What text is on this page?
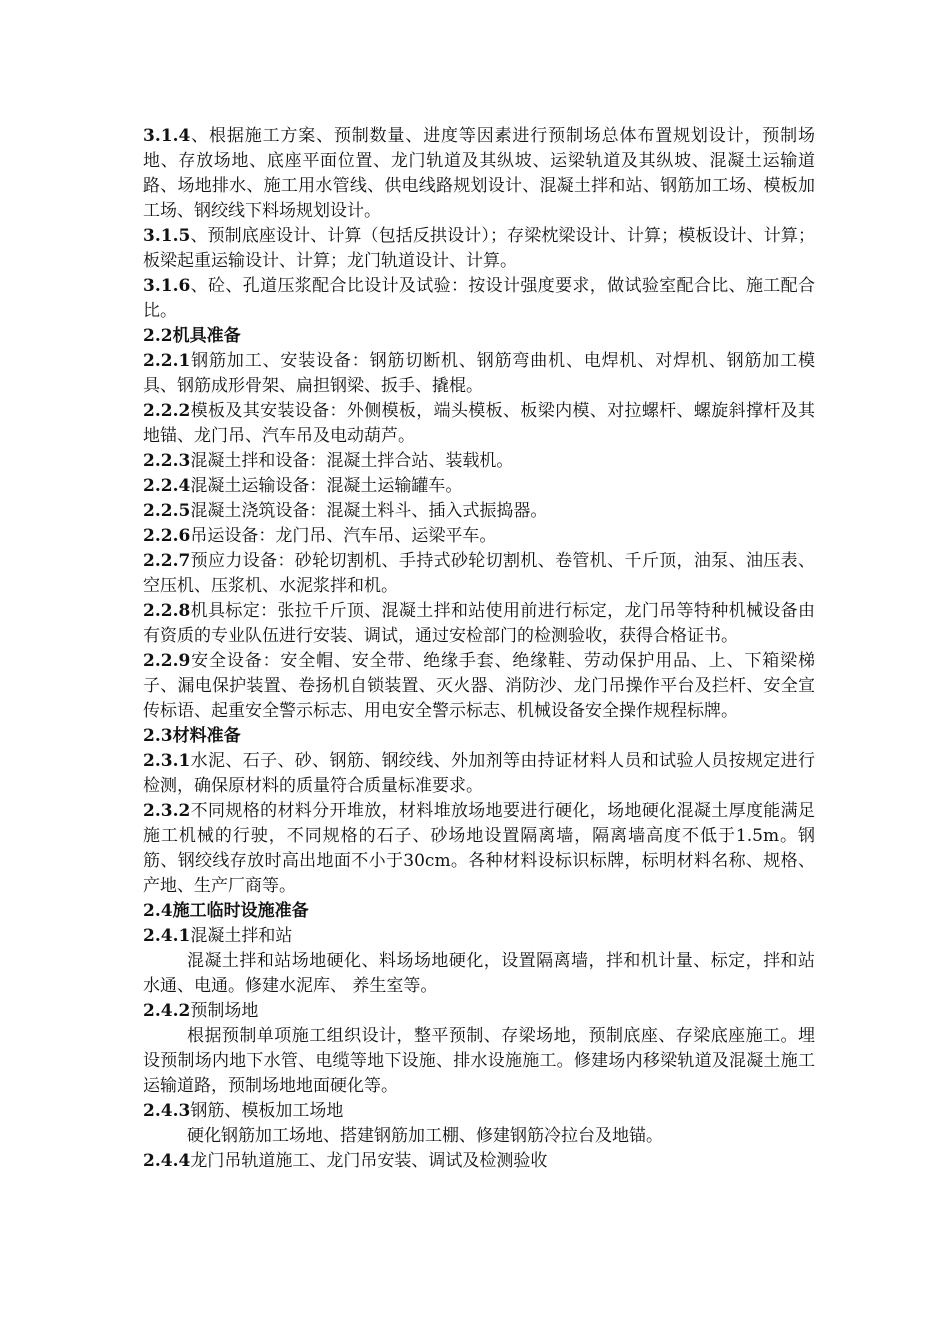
3.1.4、根据施工方案、预制数量、进度等因素进行预制场总体布置规划设计，预制场地、存放场地、底座平面位置、龙门轨道及其纵坡、运梁轨道及其纵坡、混凝土运输道路、场地排水、施工用水管线、供电线路规划设计、混凝土拌和站、钢筋加工场、模板加工场、钢绞线下料场规划设计。

3.1.5、预制底座设计、计算（包括反拱设计）；存梁枕梁设计、计算；模板设计、计算；板梁起重运输设计、计算；龙门轨道设计、计算。

3.1.6、砼、孔道压浆配合比设计及试验：按设计强度要求，做试验室配合比、施工配合比。

2.2机具准备

2.2.1钢筋加工、安装设备：钢筋切断机、钢筋弯曲机、电焊机、对焊机、钢筋加工模具、钢筋成形骨架、扁担钢梁、扳手、撬棍。

2.2.2模板及其安装设备：外侧模板，端头模板、板梁内模、对拉螺杆、螺旋斜撑杆及其地锚、龙门吊、汽车吊及电动葫芦。

2.2.3混凝土拌和设备：混凝土拌合站、装载机。

2.2.4混凝土运输设备：混凝土运输罐车。

2.2.5混凝土浇筑设备：混凝土料斗、插入式振捣器。

2.2.6吊运设备：龙门吊、汽车吊、运梁平车。

2.2.7预应力设备：砂轮切割机、手持式砂轮切割机、卷管机、千斤顶，油泵、油压表、空压机、压浆机、水泥浆拌和机。

2.2.8机具标定：张拉千斤顶、混凝土拌和站使用前进行标定，龙门吊等特种机械设备由有资质的专业队伍进行安装、调试，通过安检部门的检测验收，获得合格证书。

2.2.9安全设备：安全帽、安全带、绝缘手套、绝缘鞋、劳动保护用品、上、下箱梁梯子、漏电保护装置、卷扬机自锁装置、灭火器、消防沙、龙门吊操作平台及拦杆、安全宣传标语、起重安全警示标志、用电安全警示标志、机械设备安全操作规程标牌。

2.3材料准备

2.3.1水泥、石子、砂、钢筋、钢绞线、外加剂等由持证材料人员和试验人员按规定进行检测，确保原材料的质量符合质量标准要求。

2.3.2不同规格的材料分开堆放，材料堆放场地要进行硬化，场地硬化混凝土厚度能满足施工机械的行驶，不同规格的石子、砂场地设置隔离墙，隔离墙高度不低于1.5m。钢筋、钢绞线存放时高出地面不小于30cm。各种材料设标识标牌，标明材料名称、规格、产地、生产厂商等。

2.4施工临时设施准备

2.4.1混凝土拌和站

混凝土拌和站场地硬化、料场场地硬化，设置隔离墙，拌和机计量、标定，拌和站水通、电通。修建水泥库、 养生室等。

2.4.2预制场地

根据预制单项施工组织设计，整平预制、存梁场地，预制底座、存梁底座施工。埋设预制场内地下水管、电缆等地下设施、排水设施施工。修建场内移梁轨道及混凝土施工运输道路，预制场地地面硬化等。

2.4.3钢筋、模板加工场地

硬化钢筋加工场地、搭建钢筋加工棚、修建钢筋冷拉台及地锚。

2.4.4龙门吊轨道施工、龙门吊安装、调试及检测验收
